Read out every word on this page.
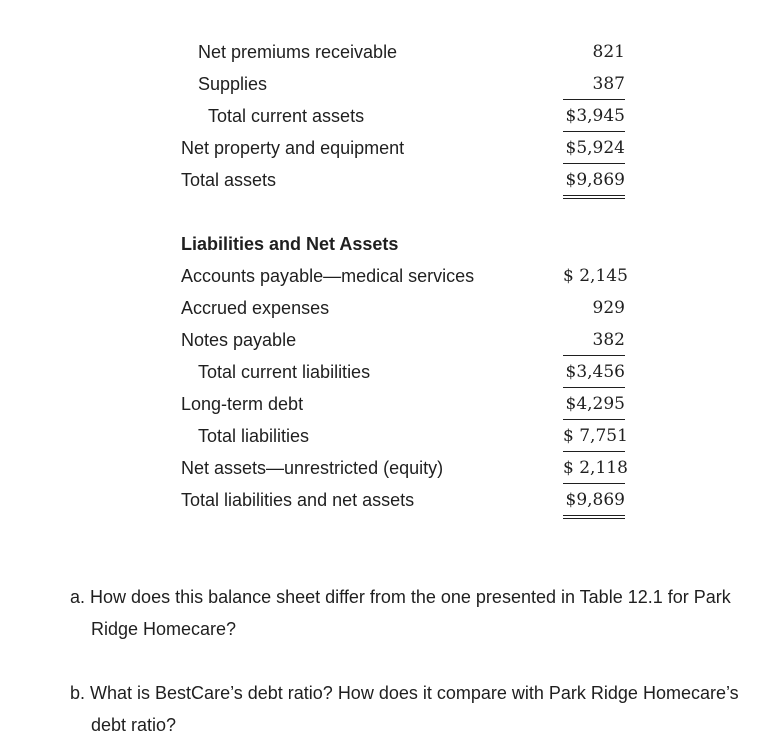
Net premiums receivable	821
Supplies	387
Total current assets	$3,945
Net property and equipment	$5,924
Total assets	$9,869
Liabilities and Net Assets
Accounts payable—medical services	$ 2,145
Accrued expenses	929
Notes payable	382
Total current liabilities	$3,456
Long-term debt	$4,295
Total liabilities	$ 7,751
Net assets—unrestricted (equity)	$ 2,118
Total liabilities and net assets	$9,869
a. How does this balance sheet differ from the one presented in Table 12.1 for Park
Ridge Homecare?
b. What is BestCare’s debt ratio? How does it compare with Park Ridge Homecare’s
debt ratio?
